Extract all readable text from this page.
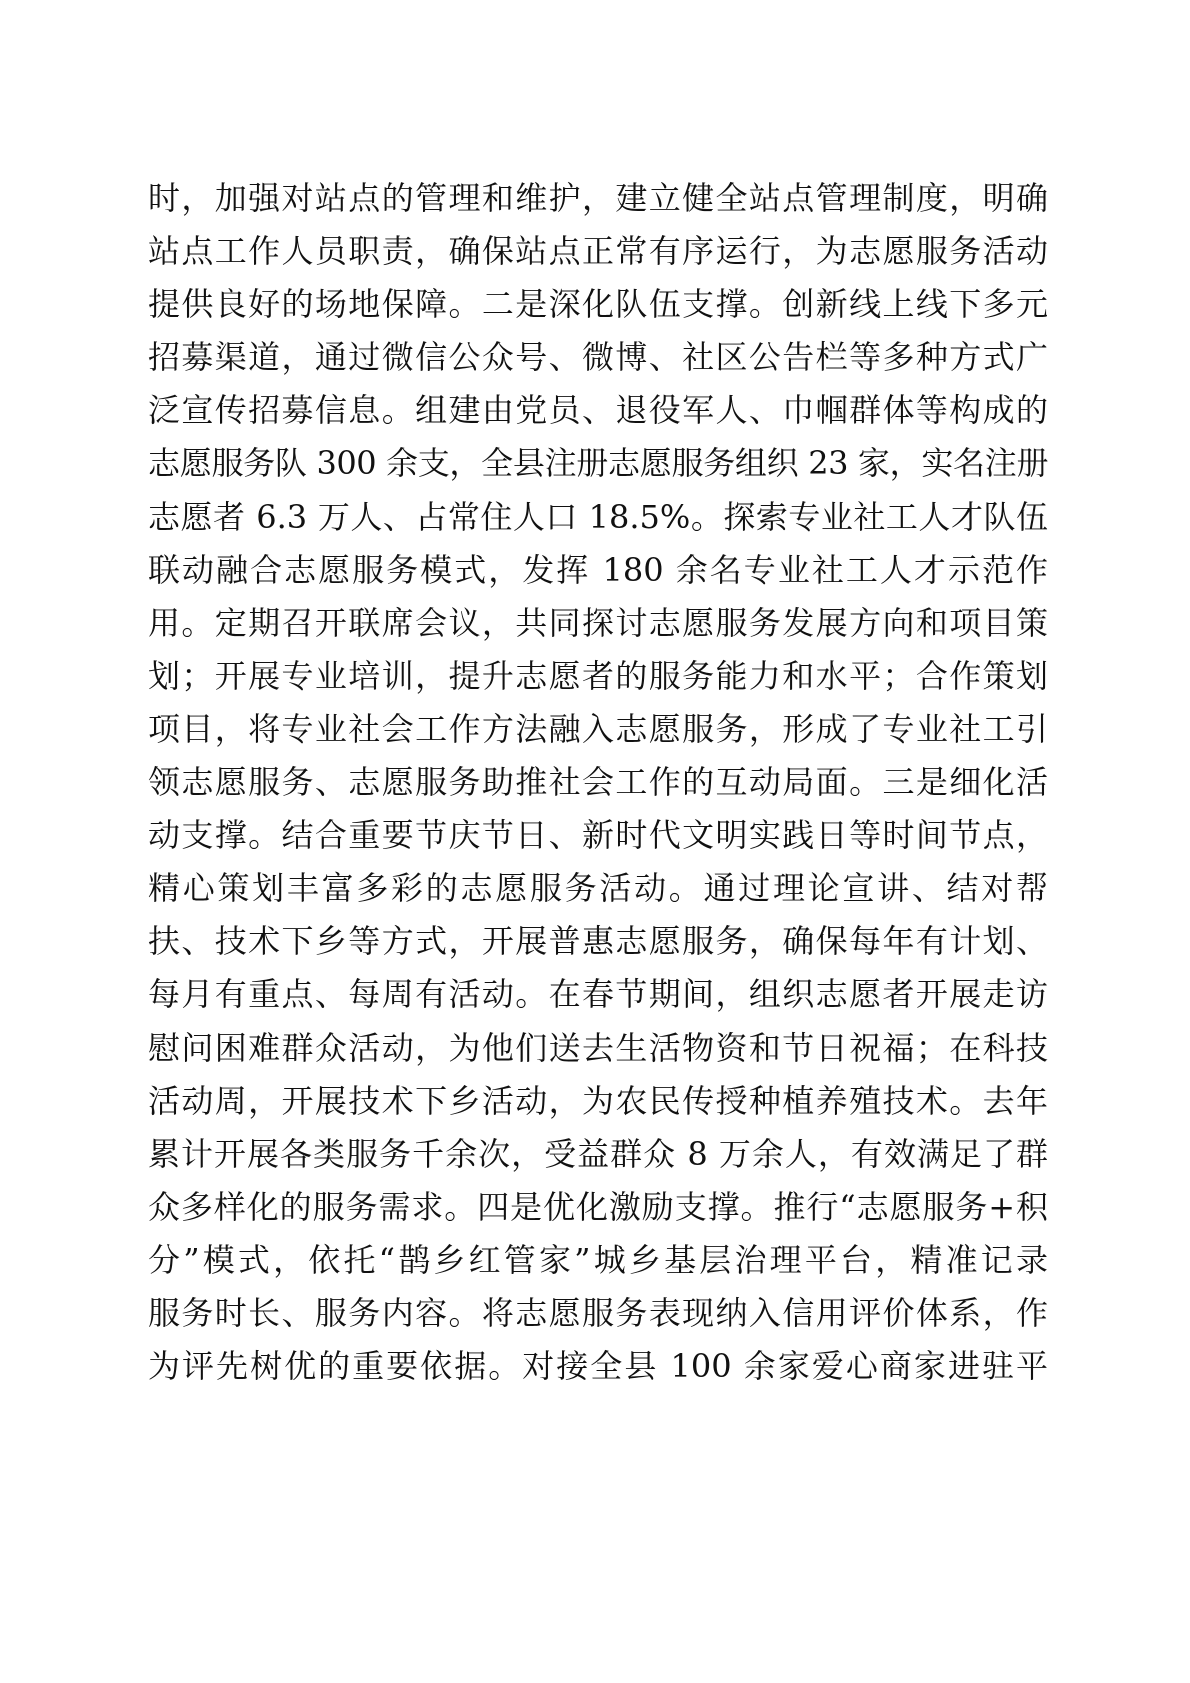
时，加强对站点的管理和维护，建立健全站点管理制度，明确
站点工作人员职责，确保站点正常有序运行，为志愿服务活动
提供良好的场地保障。二是深化队伍支撑。创新线上线下多元
招募渠道，通过微信公众号、微博、社区公告栏等多种方式广
泛宣传招募信息。组建由党员、退役军人、巾帼群体等构成的
志愿服务队 300 余支，全县注册志愿服务组织 23 家，实名注册
志愿者 6.3 万人、占常住人口 18.5%。探索专业社工人才队伍
联动融合志愿服务模式，发挥 180 余名专业社工人才示范作
用。定期召开联席会议，共同探讨志愿服务发展方向和项目策
划；开展专业培训，提升志愿者的服务能力和水平；合作策划
项目，将专业社会工作方法融入志愿服务，形成了专业社工引
领志愿服务、志愿服务助推社会工作的互动局面。三是细化活
动支撑。结合重要节庆节日、新时代文明实践日等时间节点，
精心策划丰富多彩的志愿服务活动。通过理论宣讲、结对帮
扶、技术下乡等方式，开展普惠志愿服务，确保每年有计划、
每月有重点、每周有活动。在春节期间，组织志愿者开展走访
慰问困难群众活动，为他们送去生活物资和节日祝福；在科技
活动周，开展技术下乡活动，为农民传授种植养殖技术。去年
累计开展各类服务千余次，受益群众 8 万余人，有效满足了群
众多样化的服务需求。四是优化激励支撑。推行“志愿服务+积
分”模式，依托“鹊乡红管家”城乡基层治理平台，精准记录
服务时长、服务内容。将志愿服务表现纳入信用评价体系，作
为评先树优的重要依据。对接全县 100 余家爱心商家进驻平
